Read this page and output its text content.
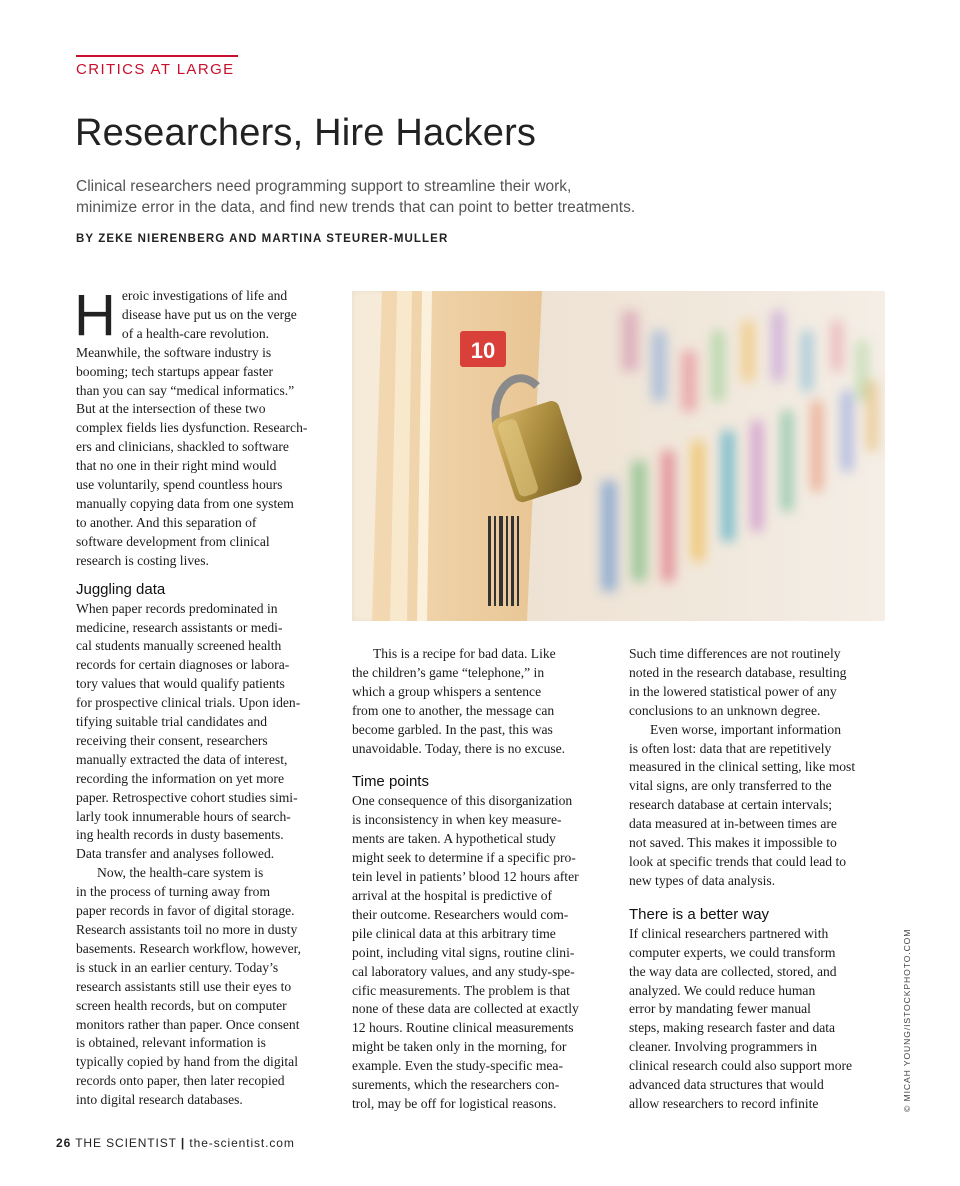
CRITICS AT LARGE
Researchers, Hire Hackers
Clinical researchers need programming support to streamline their work,
minimize error in the data, and find new trends that can point to better treatments.
BY ZEKE NIERENBERG AND MARTINA STEURER-MULLER

H eroic investigations of life and
disease have put us on the verge
of a health-care revolution.
Meanwhile, the software industry is
booming; tech startups appear faster
than you can say “medical informatics.”
But at the intersection of these two
complex fields lies dysfunction. Research-
ers and clinicians, shackled to software
that no one in their right mind would
use voluntarily, spend countless hours
manually copying data from one system
to another. And this separation of
software development from clinical
research is costing lives.

Juggling data

When paper records predominated in
medicine, research assistants or medi-
cal students manually screened health
records for certain diagnoses or labora-
tory values that would qualify patients
for prospective clinical trials. Upon iden-
tifying suitable trial candidates and
receiving their consent, researchers
manually extracted the data of interest,
recording the information on yet more
paper. Retrospective cohort studies simi-
larly took innumerable hours of search-
ing health records in dusty basements.
Data transfer and analyses followed.

Now, the health-care system is
in the process of turning away from
paper records in favor of digital storage.
Research assistants toil no more in dusty
basements. Research workflow, however,
is stuck in an earlier century. Today’s
research assistants still use their eyes to
screen health records, but on computer
monitors rather than paper. Once consent
is obtained, relevant information is
typically copied by hand from the digital
records onto paper, then later recopied
into digital research databases.

10

This is a recipe for bad data. Like
the children’s game “telephone,” in
which a group whispers a sentence
from one to another, the message can
become garbled. In the past, this was
unavoidable. Today, there is no excuse.

Time points

One consequence of this disorganization
is inconsistency in when key measure-
ments are taken. A hypothetical study
might seek to determine if a specific pro-
tein level in patients’ blood 12 hours after
arrival at the hospital is predictive of
their outcome. Researchers would com-
pile clinical data at this arbitrary time
point, including vital signs, routine clini-
cal laboratory values, and any study-spe-
cific measurements. The problem is that
none of these data are collected at exactly
12 hours. Routine clinical measurements
might be taken only in the morning, for
example. Even the study-specific mea-
surements, which the researchers con-
trol, may be off for logistical reasons.

Such time differences are not routinely
noted in the research database, resulting
in the lowered statistical power of any
conclusions to an unknown degree.

Even worse, important information
is often lost: data that are repetitively
measured in the clinical setting, like most
vital signs, are only transferred to the
research database at certain intervals;
data measured at in-between times are
not saved. This makes it impossible to
look at specific trends that could lead to
new types of data analysis.

There is a better way

If clinical researchers partnered with
computer experts, we could transform
the way data are collected, stored, and
analyzed. We could reduce human
error by mandating fewer manual
steps, making research faster and data
cleaner. Involving programmers in
clinical research could also support more
advanced data structures that would
allow researchers to record infinite	© MICAH YOUNG/ISTOCKPHOTO.COM
26 THE SCIENTIST | the-scientist.com
